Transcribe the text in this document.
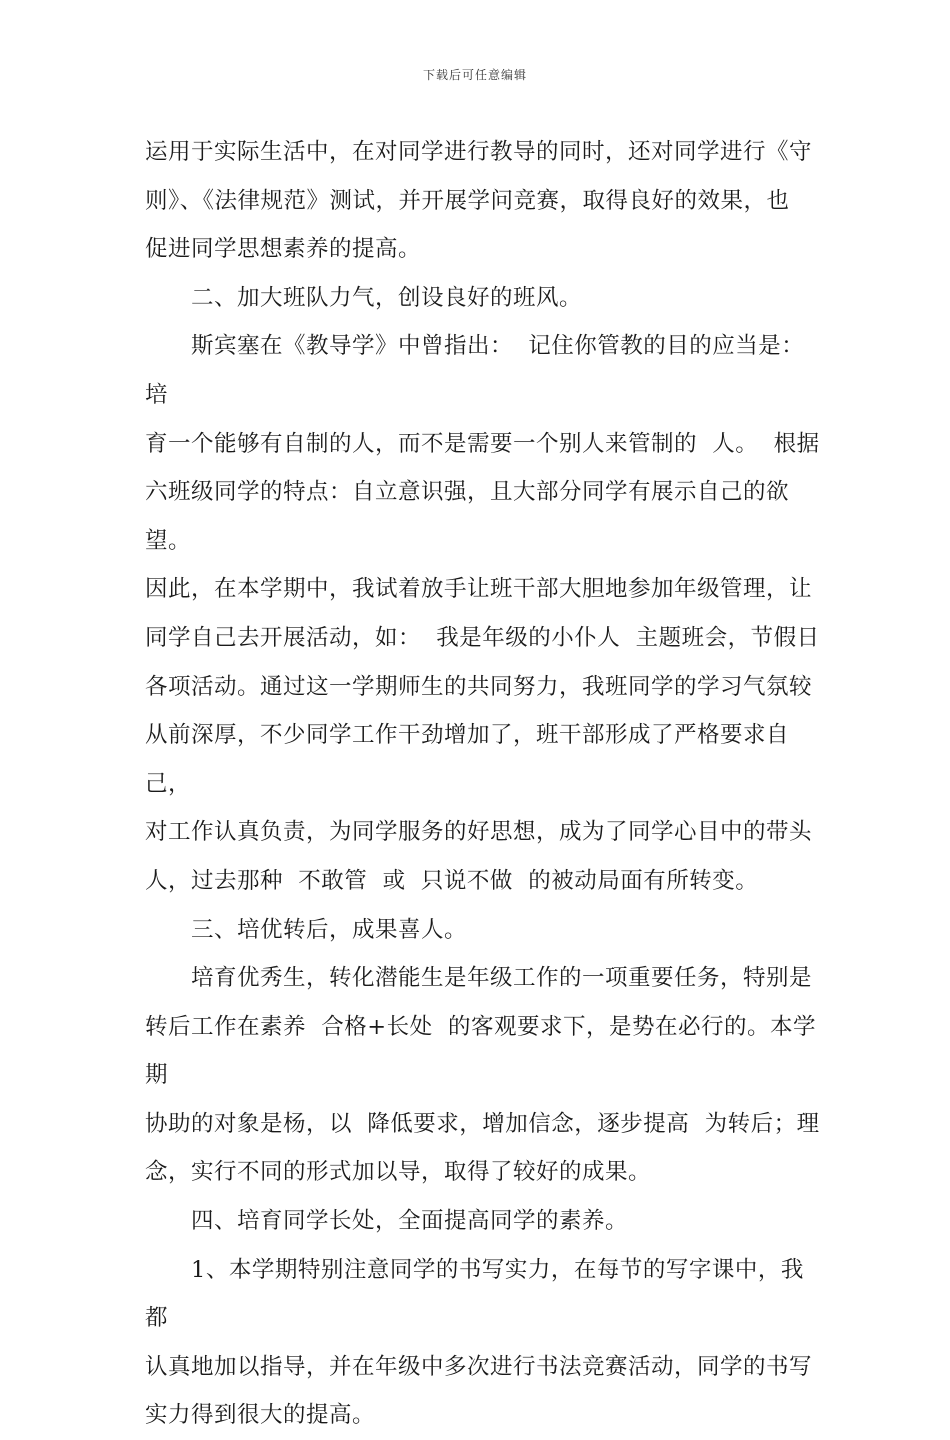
下载后可任意编辑

运用于实际生活中，在对同学进行教导的同时，还对同学进行《守
则》、《法律规范》测试，并开展学问竞赛，取得良好的效果，也
促进同学思想素养的提高。

二、加大班队力气，创设良好的班风。

斯宾塞在《教导学》中曾指出：  记住你管教的目的应当是：培
育一个能够有自制的人，而不是需要一个别人来管制的  人。  根据
六班级同学的特点：自立意识强，且大部分同学有展示自己的欲望。
因此，在本学期中，我试着放手让班干部大胆地参加年级管理，让
同学自己去开展活动，如：  我是年级的小仆人  主题班会，节假日
各项活动。通过这一学期师生的共同努力，我班同学的学习气氛较
从前深厚，不少同学工作干劲增加了，班干部形成了严格要求自己，
对工作认真负责，为同学服务的好思想，成为了同学心目中的带头
人，过去那种  不敢管  或  只说不做  的被动局面有所转变。

三、培优转后，成果喜人。

培育优秀生，转化潜能生是年级工作的一项重要任务，特别是
转后工作在素养  合格+长处  的客观要求下，是势在必行的。本学期
协助的对象是杨，以  降低要求，增加信念，逐步提高  为转后；理
念，实行不同的形式加以导，取得了较好的成果。

四、培育同学长处，全面提高同学的素养。

1、本学期特别注意同学的书写实力，在每节的写字课中，我都
认真地加以指导，并在年级中多次进行书法竞赛活动，同学的书写
实力得到很大的提高。
